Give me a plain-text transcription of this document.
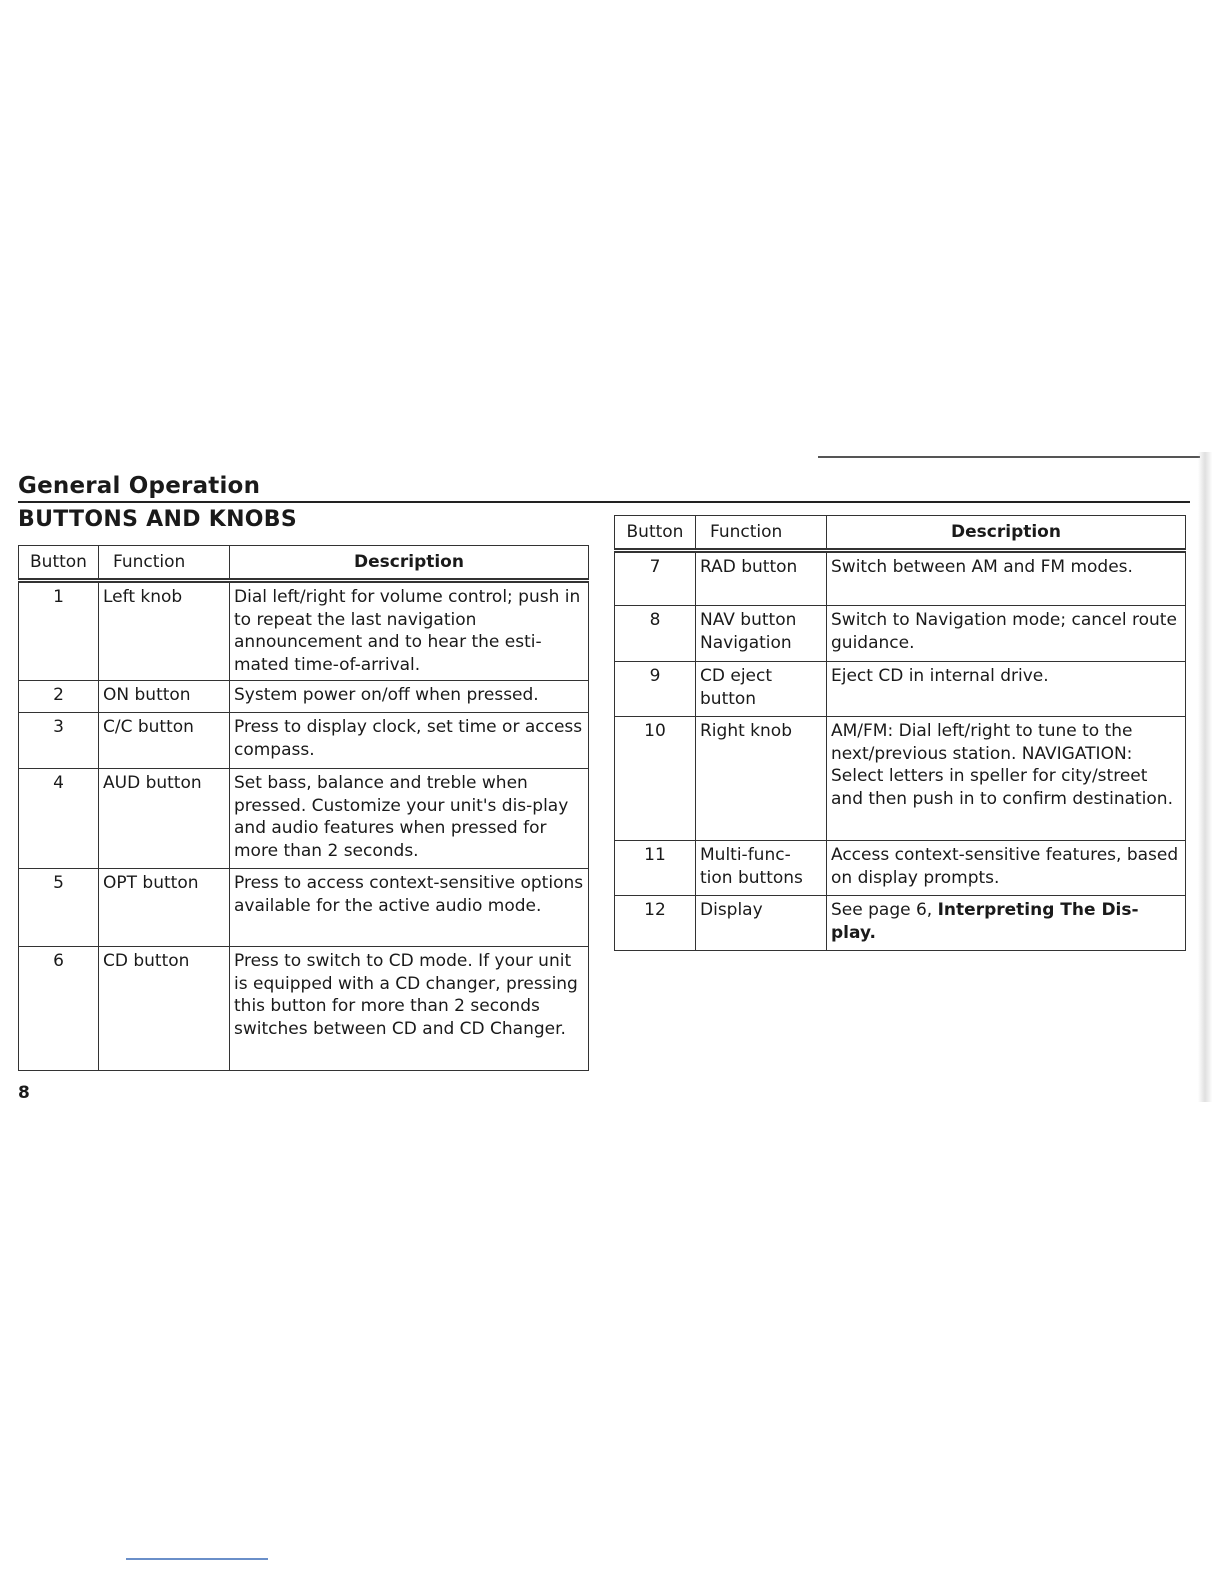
General Operation
BUTTONS AND KNOBS
Button	Function	Description
1	Left knob	Dial left/right for volume control; push in to repeat the last navigation announcement and to hear the esti-mated time-of-arrival.
2	ON button	System power on/off when pressed.
3	C/C button	Press to display clock, set time or access compass.
4	AUD button	Set bass, balance and treble when pressed. Customize your unit's dis-play and audio features when pressed for more than 2 seconds.
5	OPT button	Press to access context-sensitive options available for the active audio mode.
6	CD button	Press to switch to CD mode. If your unit is equipped with a CD changer, pressing this button for more than 2 seconds switches between CD and CD Changer.
Button	Function	Description
7	RAD button	Switch between AM and FM modes.
8	NAV button Navigation	Switch to Navigation mode; cancel route guidance.
9	CD eject button	Eject CD in internal drive.
10	Right knob	AM/FM: Dial left/right to tune to the next/previous station. NAVIGATION: Select letters in speller for city/street and then push in to confirm destination.
11	Multi-func-tion buttons	Access context-sensitive features, based on display prompts.
12	Display	See page 6, Interpreting The Dis-play.
8
